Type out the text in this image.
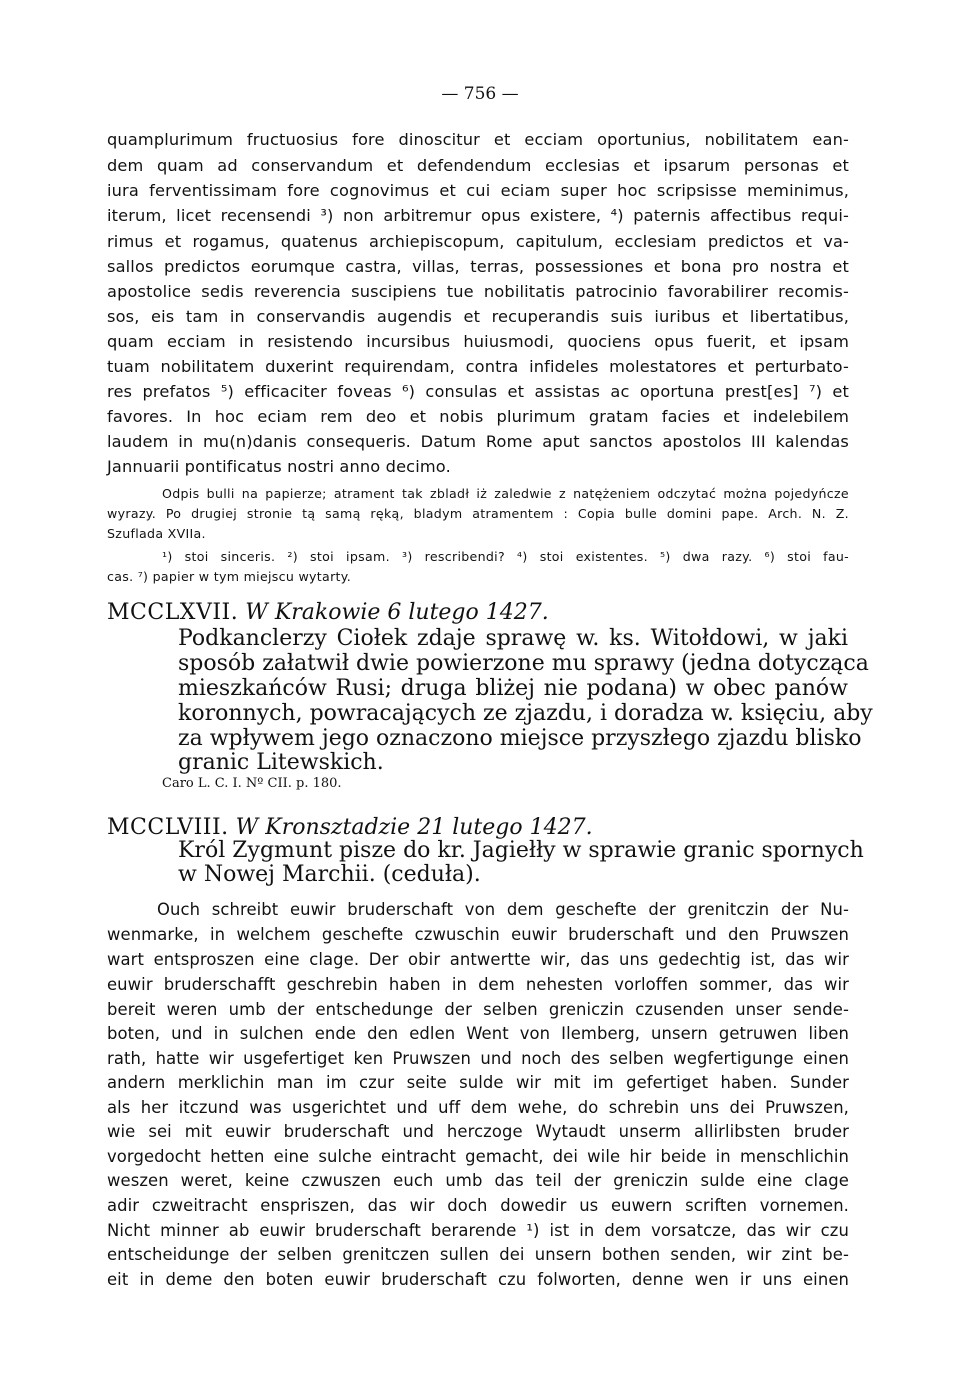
— 756 —

quamplurimum fructuosius fore dinoscitur et ecciam oportunius, nobilitatem ean-

dem quam ad conservandum et defendendum ecclesias et ipsarum personas et

iura ferventissimam fore cognovimus et cui eciam super hoc scripsisse meminimus,

iterum, licet recensendi ³) non arbitremur opus existere, ⁴) paternis affectibus requi-

rimus et rogamus, quatenus archiepiscopum, capitulum, ecclesiam predictos et va-

sallos predictos eorumque castra, villas, terras, possessiones et bona pro nostra et

apostolice sedis reverencia suscipiens tue nobilitatis patrocinio favorabilirer recomis-

sos, eis tam in conservandis augendis et recuperandis suis iuribus et libertatibus,

quam ecciam in resistendo incursibus huiusmodi, quociens opus fuerit, et ipsam

tuam nobilitatem duxerint requirendam, contra infideles molestatores et perturbato-

res prefatos ⁵) efficaciter foveas ⁶) consulas et assistas ac oportuna prest[es] ⁷) et

favores. In hoc eciam rem deo et nobis plurimum gratam facies et indelebilem

laudem in mu(n)danis consequeris. Datum Rome aput sanctos apostolos III kalendas

Jannuarii pontificatus nostri anno decimo.

Odpis bulli na papierze; atrament tak zbladł iż zaledwie z natężeniem odczytać można pojedyńcze

wyrazy. Po drugiej stronie tą samą ręką, bladym atramentem : Copia bulle domini pape. Arch. N. Z.

Szuflada XVIIa.

¹) stoi sinceris. ²) stoi ipsam. ³) rescribendi? ⁴) stoi existentes. ⁵) dwa razy. ⁶) stoi fau-

cas. ⁷) papier w tym miejscu wytarty.

MCCLXVII. W Krakowie 6 lutego 1427.

Podkanclerzy Ciołek zdaje sprawę w. ks. Witołdowi, w jaki

sposób załatwił dwie powierzone mu sprawy (jedna dotycząca

mieszkańców Rusi; druga bliżej nie podana) w obec panów

koronnych, powracających ze zjazdu, i doradza w. księciu, aby

za wpływem jego oznaczono miejsce przyszłego zjazdu blisko

granic Litewskich.

Caro L. C. I. Nº CII. p. 180.
MCCLVIII. W Kronsztadzie 21 lutego 1427.

Król Zygmunt pisze do kr. Jagiełły w sprawie granic spornych

w Nowej Marchii. (ceduła).

Ouch schreibt euwir bruderschaft von dem geschefte der grenitczin der Nu-

wenmarke, in welchem geschefte czwuschin euwir bruderschaft und den Pruwszen

wart entsproszen eine clage. Der obir antwertte wir, das uns gedechtig ist, das wir

euwir bruderschafft geschrebin haben in dem nehesten vorloffen sommer, das wir

bereit weren umb der entschedunge der selben greniczin czusenden unser sende-

boten, und in sulchen ende den edlen Went von Ilemberg, unsern getruwen liben

rath, hatte wir usgefertiget ken Pruwszen und noch des selben wegfertigunge einen

andern merklichin man im czur seite sulde wir mit im gefertiget haben. Sunder

als her itczund was usgerichtet und uff dem wehe, do schrebin uns dei Pruwszen,

wie sei mit euwir bruderschaft und herczoge Wytaudt unserm allirlibsten bruder

vorgedocht hetten eine sulche eintracht gemacht, dei wile hir beide in menschlichin

weszen weret, keine czwuszen euch umb das teil der greniczin sulde eine clage

adir czweitracht enspriszen, das wir doch dowedir us euwern scriften vornemen.

Nicht minner ab euwir bruderschaft berarende ¹) ist in dem vorsatcze, das wir czu

entscheidunge der selben grenitczen sullen dei unsern bothen senden, wir zint be-

eit in deme den boten euwir bruderschaft czu folworten, denne wen ir uns einen
